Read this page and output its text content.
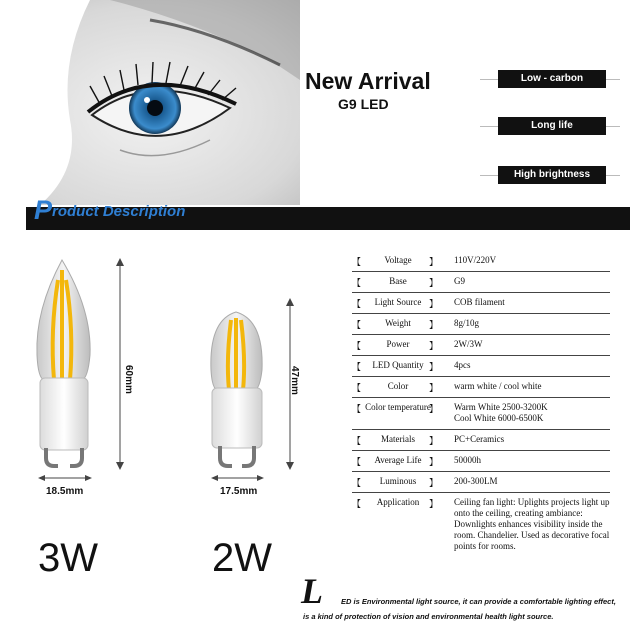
New Arrival
G9 LED
Low - carbon
Long life
High brightness
Product Description
60mm
18.5mm
3W
47mm
17.5mm
2W
【	Voltage	】 110V/220V
【	Base	】 G9
【	Light Source 】 COB filament
【	Weight	】 8g/10g
【	Power	】 2W/3W
【	LED Quantity 】 4pcs
【	Color	】 warm white / cool white
【 Color temperature
】 Warm White 2500-3200K
Cool White 6000-6500K
【	Materials	】 PC+Ceramics
【	Average Life 】 50000h
【	Luminous	】 200-300LM
【	Application	】 Ceiling fan light: Uplights projects light up onto the ceiling, creating ambiance: Downlights enhances visibility inside the room. Chandelier. Used as decorative focal points for rooms.
L ED is Environmental light source, it can provide a comfortable lighting effect,
is a kind of protection of vision and environmental health light source.
